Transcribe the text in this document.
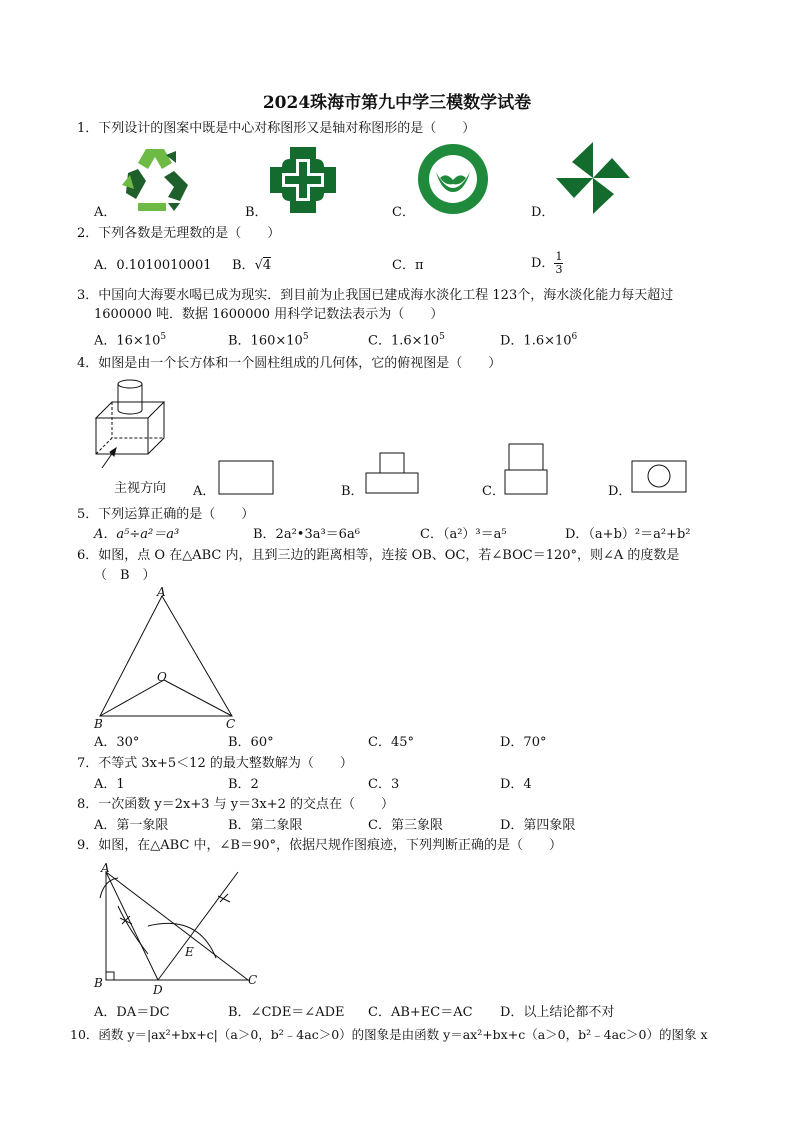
2024珠海市第九中学三模数学试卷
1．下列设计的图案中既是中心对称图形又是轴对称图形的是（　　）
A．	B．	C．	D．
2．下列各数是无理数的是（　　）
A．0.1010010001 B．√4	C．π	D． $\frac{1}{3}$
3．中国向大海要水喝已成为现实．到目前为止我国已建成海水淡化工程 123个，海水淡化能力每天超过
1600000 吨．数据 1600000 用科学记数法表示为（　　）
A．$16\times 10^5$	B．$160\times 10^5$	C．$1.6\times 10^5$	D．$1.6\times 10^6$
4．如图是由一个长方体和一个圆柱组成的几何体，它的俯视图是（　　）
主视方向 A．	B．	C．	D．
5．下列运算正确的是（　　）
A．a⁵÷a²＝a³	B．2a²•3a³＝6a⁶	C．（a²）³＝a⁵	D．（a+b）²＝a²+b²
6．如图，点 O 在△ABC 内，且到三边的距离相等，连接 OB、OC，若∠BOC＝120°，则∠A 的度数是
（　B　）
A
O
B	C
A．30°	B．60°	C．45°	D．70°
7．不等式 3x+5＜12 的最大整数解为（　　）
A．1	B．2	C．3	D．4
8．一次函数 y＝2x+3 与 y＝3x+2 的交点在（　　）
A．第一象限	B．第二象限	C．第三象限	D．第四象限
9．如图，在△ABC 中，∠B＝90°，依据尺规作图痕迹，下列判断正确的是（　　）
A
B	D
E
C
A．DA＝DC	B．∠CDE＝∠ADE C．AB+EC＝AC D．以上结论都不对
10．函数 y＝|ax²+bx+c|（a＞0，b²﹣4ac＞0）的图象是由函数 y＝ax²+bx+c（a＞0，b²﹣4ac＞0）的图象 x
